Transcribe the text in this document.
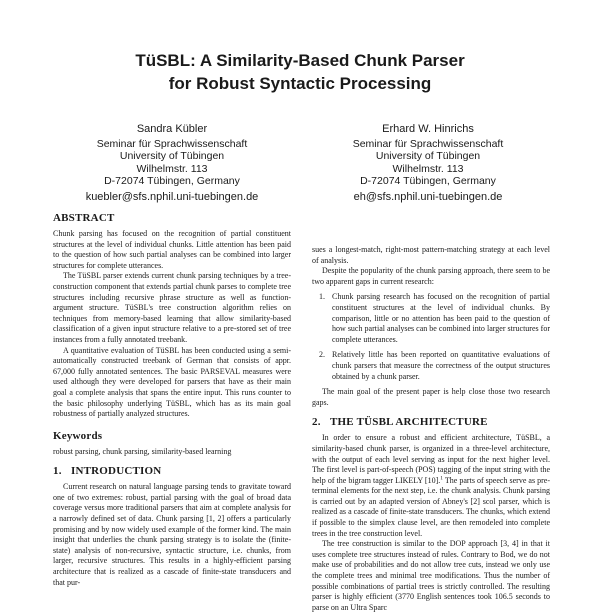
TüSBL: A Similarity-Based Chunk Parser
for Robust Syntactic Processing
Sandra Kübler
Seminar für Sprachwissenschaft
University of Tübingen
Wilhelmstr. 113
D-72074 Tübingen, Germany
kuebler@sfs.nphil.uni-tuebingen.de
Erhard W. Hinrichs
Seminar für Sprachwissenschaft
University of Tübingen
Wilhelmstr. 113
D-72074 Tübingen, Germany
eh@sfs.nphil.uni-tuebingen.de
ABSTRACT

Chunk parsing has focused on the recognition of partial constituent structures at the level of individual chunks. Little attention has been paid to the question of how such partial analyses can be combined into larger structures for complete utterances.

The TüSBL parser extends current chunk parsing techniques by a tree-construction component that extends partial chunk parses to complete tree structures including recursive phrase structure as well as function-argument structure. TüSBL's tree construction algorithm relies on techniques from memory-based learning that allow similarity-based classification of a given input structure relative to a pre-stored set of tree instances from a fully annotated treebank.

A quantitative evaluation of TüSBL has been conducted using a semi-automatically constructed treebank of German that consists of appr. 67,000 fully annotated sentences. The basic PARSEVAL measures were used although they were developed for parsers that have as their main goal a complete analysis that spans the entire input. This runs counter to the basic philosophy underlying TüSBL, which has as its main goal robustness of partially analyzed structures.

Keywords

robust parsing, chunk parsing, similarity-based learning

1. INTRODUCTION

Current research on natural language parsing tends to gravitate toward one of two extremes: robust, partial parsing with the goal of broad data coverage versus more traditional parsers that aim at complete analysis for a narrowly defined set of data. Chunk parsing [1, 2] offers a particularly promising and by now widely used example of the former kind. The main insight that underlies the chunk parsing strategy is to isolate the (finite-state) analysis of non-recursive, syntactic structure, i.e. chunks, from larger, recursive structures. This results in a highly-efficient parsing architecture that is realized as a cascade of finite-state transducers and that pur-

sues a longest-match, right-most pattern-matching strategy at each level of analysis.

Despite the popularity of the chunk parsing approach, there seem to be two apparent gaps in current research:

1. Chunk parsing research has focused on the recognition of partial constituent structures at the level of individual chunks. By comparison, little or no attention has been paid to the question of how such partial analyses can be combined into larger structures for complete utterances.
2. Relatively little has been reported on quantitative evaluations of chunk parsers that measure the correctness of the output structures obtained by a chunk parser.

The main goal of the present paper is help close those two research gaps.

2. THE TÜSBL ARCHITECTURE

In order to ensure a robust and efficient architecture, TüSBL, a similarity-based chunk parser, is organized in a three-level architecture, with the output of each level serving as input for the next higher level. The first level is part-of-speech (POS) tagging of the input string with the help of the bigram tagger LIKELY [10].$^1$ The parts of speech serve as pre-terminal elements for the next step, i.e. the chunk analysis. Chunk parsing is carried out by an adapted version of Abney's [2] scol parser, which is realized as a cascade of finite-state transducers. The chunks, which extend if possible to the simplex clause level, are then remodeled into complete trees in the tree construction level.

The tree construction is similar to the DOP approach [3, 4] in that it uses complete tree structures instead of rules. Contrary to Bod, we do not make use of probabilities and do not allow tree cuts, instead we only use the complete trees and minimal tree modifications. Thus the number of possible combinations of partial trees is strictly controlled. The resulting parser is highly efficient (3770 English sentences took 106.5 seconds to parse on an Ultra Sparc
